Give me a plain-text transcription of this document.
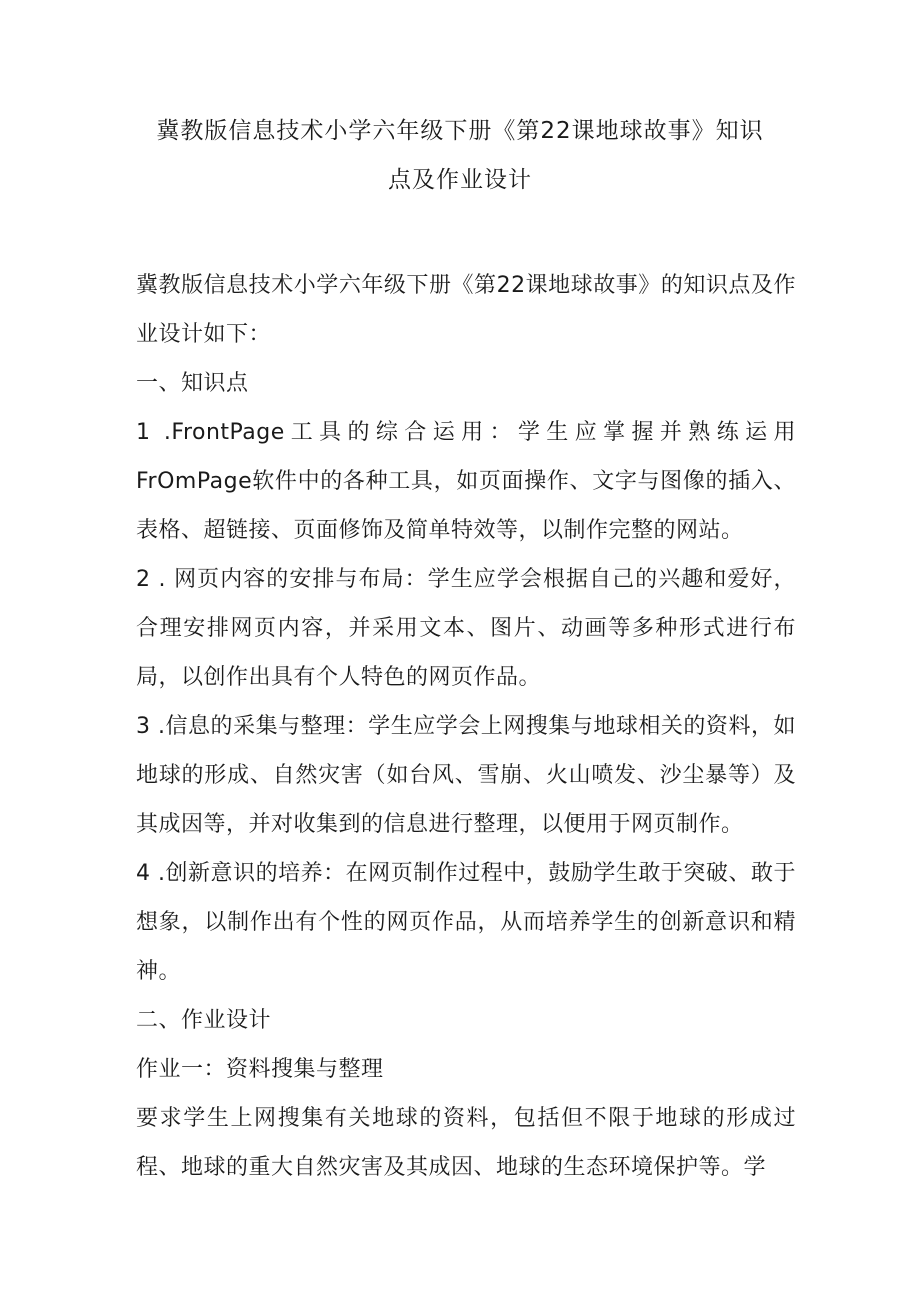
冀教版信息技术小学六年级下册《第22课地球故事》知识
点及作业设计

冀教版信息技术小学六年级下册《第22课地球故事》的知识点及作业设计如下：

一、知识点

1 .FrontPage工具的综合运用：学生应掌握并熟练运用FrOmPage软件中的各种工具，如页面操作、文字与图像的插入、表格、超链接、页面修饰及简单特效等，以制作完整的网站。

2 . 网页内容的安排与布局：学生应学会根据自己的兴趣和爱好，合理安排网页内容，并采用文本、图片、动画等多种形式进行布局，以创作出具有个人特色的网页作品。

3 .信息的采集与整理：学生应学会上网搜集与地球相关的资料，如地球的形成、自然灾害（如台风、雪崩、火山喷发、沙尘暴等）及其成因等，并对收集到的信息进行整理，以便用于网页制作。

4 .创新意识的培养：在网页制作过程中，鼓励学生敢于突破、敢于想象，以制作出有个性的网页作品，从而培养学生的创新意识和精神。

二、作业设计

作业一：资料搜集与整理

要求学生上网搜集有关地球的资料，包括但不限于地球的形成过程、地球的重大自然灾害及其成因、地球的生态环境保护等。学
